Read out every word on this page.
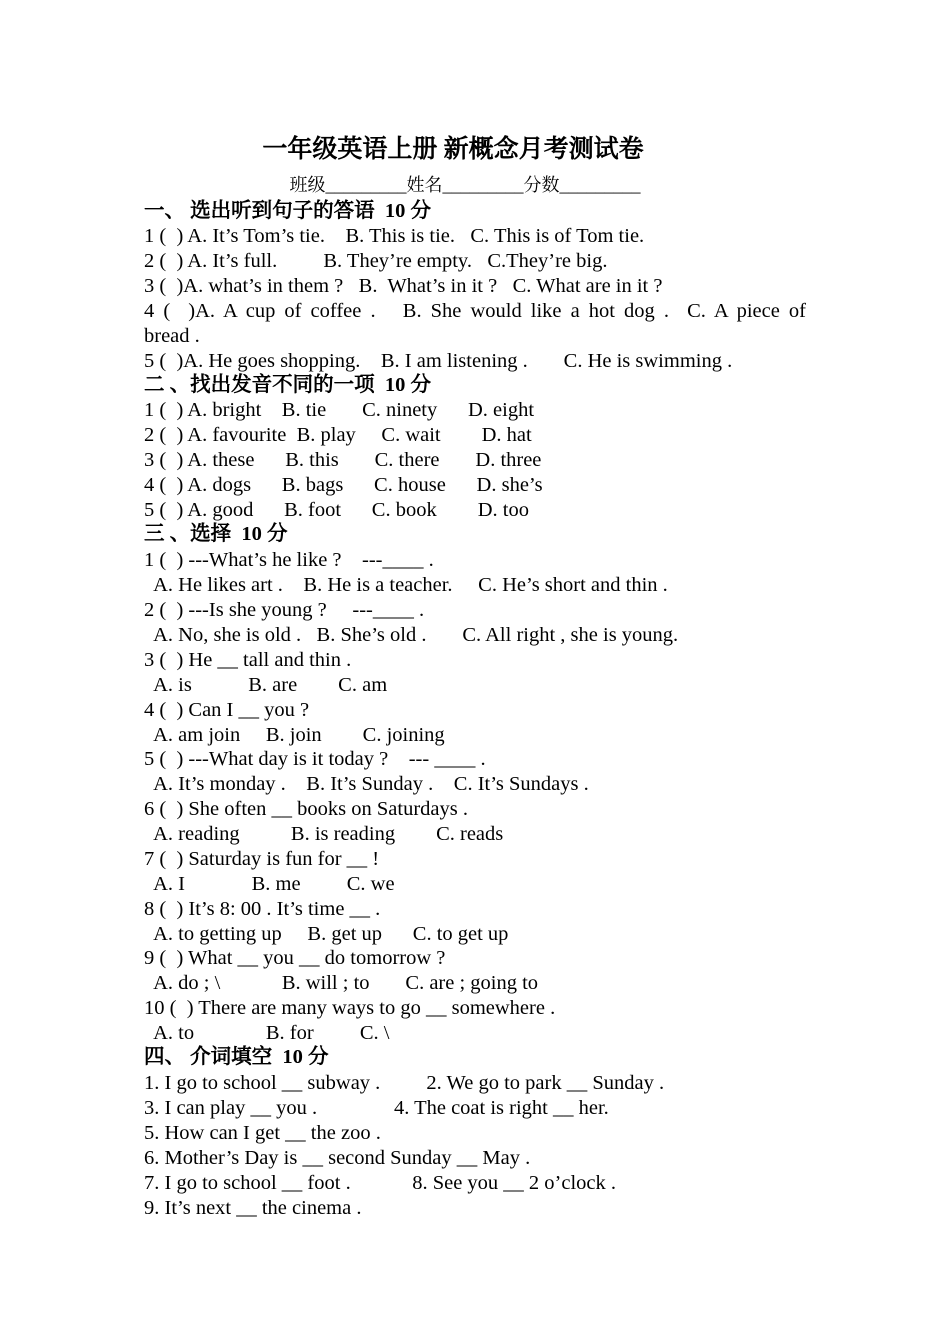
一年级英语上册 新概念月考测试卷
班级_________姓名_________分数_________
一、 选出听到句子的答语  10 分
1 (  ) A. It’s Tom’s tie.    B. This is tie.   C. This is of Tom tie.
2 (  ) A. It’s full.         B. They’re empty.   C.They’re big.
3 (  )A. what’s in them ?   B.  What’s in it ?   C. What are in it ?
4 (  )A. A cup of coffee .   B. She would like a hot dog .  C. A piece of
bread .
5 (  )A. He goes shopping.    B. I am listening .       C. He is swimming .
二 、找出发音不同的一项  10 分
1 (  ) A. bright    B. tie       C. ninety      D. eight
2 (  ) A. favourite  B. play     C. wait        D. hat
3 (  ) A. these      B. this       C. there       D. three
4 (  ) A. dogs      B. bags      C. house      D. she’s
5 (  ) A. good      B. foot      C. book        D. too
三 、选择  10 分
1 (  ) ---What’s he like ?    ---____ .
A. He likes art .    B. He is a teacher.     C. He’s short and thin .
2 (  ) ---Is she young ?     ---____ .
A. No, she is old .   B. She’s old .       C. All right , she is young.
3 (  ) He __ tall and thin .
A. is           B. are        C. am
4 (  ) Can I __ you ?
A. am join     B. join        C. joining
5 (  ) ---What day is it today ?    --- ____ .
A. It’s monday .    B. It’s Sunday .    C. It’s Sundays .
6 (  ) She often __ books on Saturdays .
A. reading          B. is reading        C. reads
7 (  ) Saturday is fun for __ !
A. I             B. me         C. we
8 (  ) It’s 8: 00 . It’s time __ .
A. to getting up     B. get up      C. to get up
9 (  ) What __ you __ do tomorrow ?
A. do ; \            B. will ; to       C. are ; going to
10 (  ) There are many ways to go __ somewhere .
A. to              B. for         C. \
四、 介词填空  10 分
1. I go to school __ subway .         2. We go to park __ Sunday .
3. I can play __ you .               4. The coat is right __ her.
5. How can I get __ the zoo .
6. Mother’s Day is __ second Sunday __ May .
7. I go to school __ foot .            8. See you __ 2 o’clock .
9. It’s next __ the cinema .
